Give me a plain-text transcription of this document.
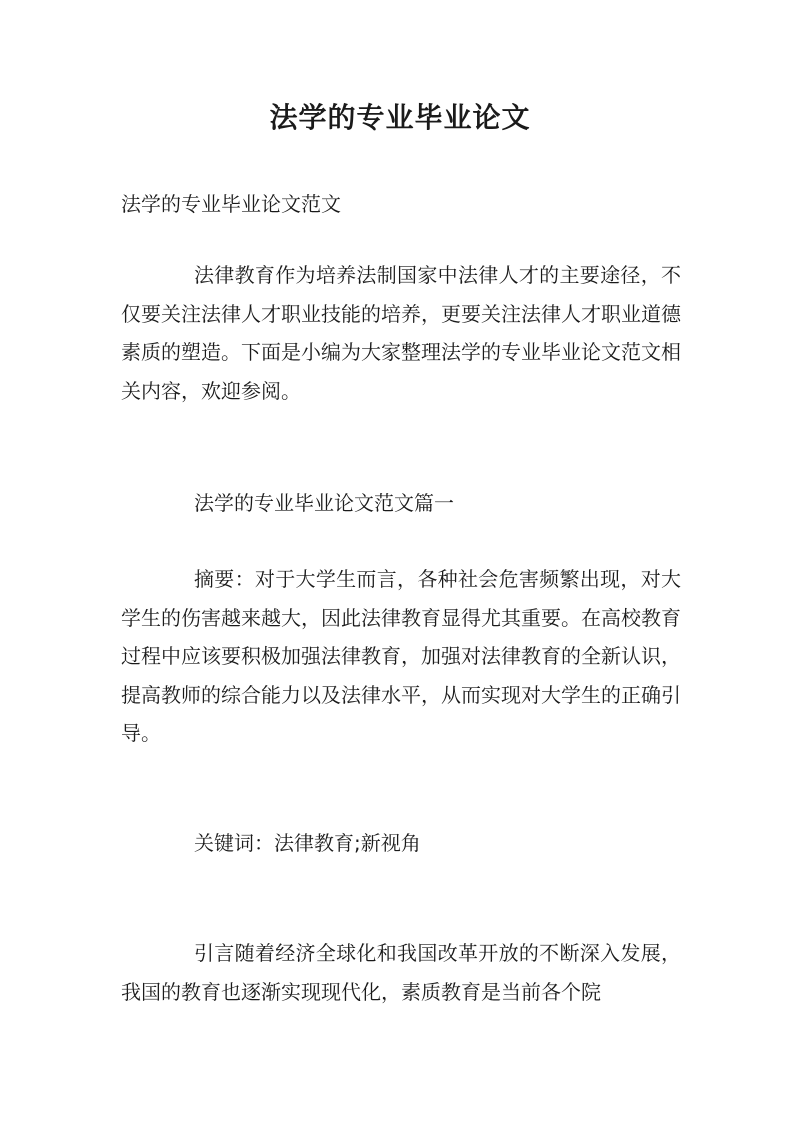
法学的专业毕业论文

法学的专业毕业论文范文

法律教育作为培养法制国家中法律人才的主要途径，不仅要关注法律人才职业技能的培养，更要关注法律人才职业道德素质的塑造。下面是小编为大家整理法学的专业毕业论文范文相关内容，欢迎参阅。

法学的专业毕业论文范文篇一

摘要：对于大学生而言，各种社会危害频繁出现，对大学生的伤害越来越大，因此法律教育显得尤其重要。在高校教育过程中应该要积极加强法律教育，加强对法律教育的全新认识，提高教师的综合能力以及法律水平，从而实现对大学生的正确引导。

关键词：法律教育;新视角

引言随着经济全球化和我国改革开放的不断深入发展，我国的教育也逐渐实现现代化，素质教育是当前各个院
